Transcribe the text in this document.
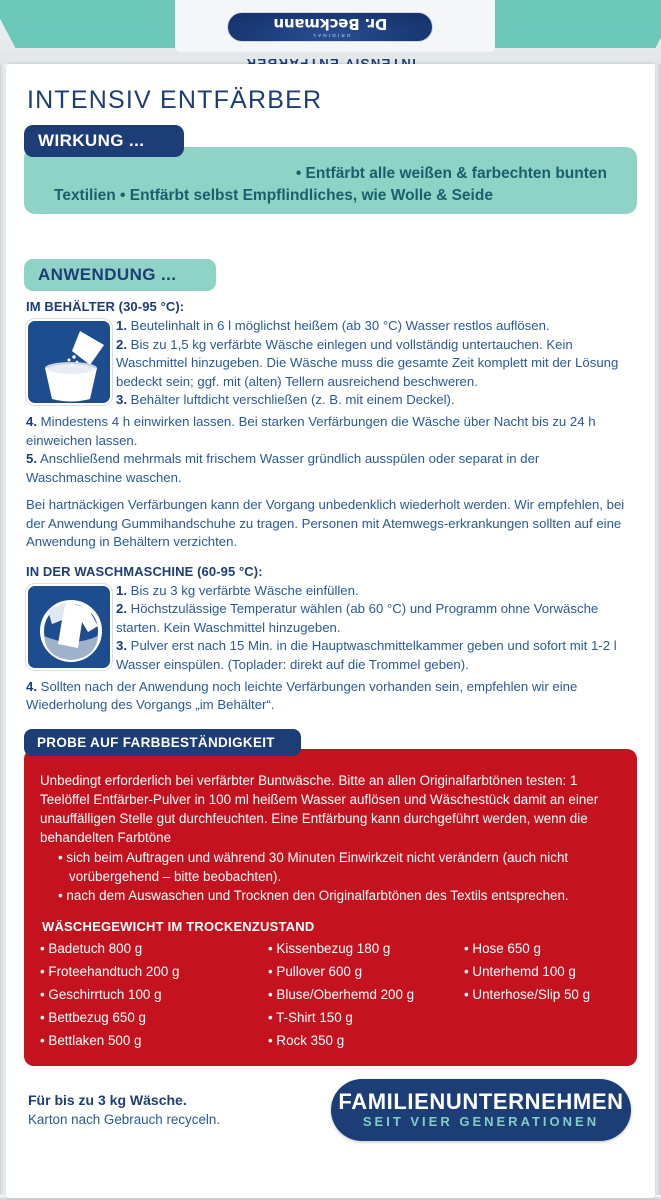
ORIGINAL
Dr. Beckmann
INTENSIV ENTFÄRBER
• Entfärbt alle weißen & farbechten bunten
Textilien • Entfärbt selbst Empflindliches, wie Wolle & Seide
WIRKUNG ...
ANWENDUNG ...
IM BEHÄLTER (30-95 °C):
1. Beutelinhalt in 6 l möglichst heißem (ab 30 °C) Wasser restlos auflösen.
2. Bis zu 1,5 kg verfärbte Wäsche einlegen und vollständig untertauchen. Kein Waschmittel hinzugeben. Die Wäsche muss die gesamte Zeit komplett mit der Lösung bedeckt sein; ggf. mit (alten) Tellern ausreichend beschweren.
3. Behälter luftdicht verschließen (z. B. mit einem Deckel).
4. Mindestens 4 h einwirken lassen. Bei starken Verfärbungen die Wäsche über Nacht bis zu 24 h einweichen lassen.
5. Anschließend mehrmals mit frischem Wasser gründlich ausspülen oder separat in der Waschmaschine waschen.
Bei hartnäckigen Verfärbungen kann der Vorgang unbedenklich wiederholt werden. Wir empfehlen, bei der Anwendung Gummihandschuhe zu tragen. Personen mit Atemwegs-erkrankungen sollten auf eine Anwendung in Behältern verzichten.
IN DER WASCHMASCHINE (60-95 °C):
1. Bis zu 3 kg verfärbte Wäsche einfüllen.
2. Höchstzulässige Temperatur wählen (ab 60 °C) und Programm ohne Vorwäsche starten. Kein Waschmittel hinzugeben.
3. Pulver erst nach 15 Min. in die Hauptwaschmittelkammer geben und sofort mit 1-2 l Wasser einspülen. (Toplader: direkt auf die Trommel geben).
4. Sollten nach der Anwendung noch leichte Verfärbungen vorhanden sein, empfehlen wir eine Wiederholung des Vorgangs „im Behälter“.
Unbedingt erforderlich bei verfärbter Buntwäsche. Bitte an allen Originalfarbtönen testen: 1 Teelöffel Entfärber-Pulver in 100 ml heißem Wasser auflösen und Wäschestück damit an einer unauffälligen Stelle gut durchfeuchten. Eine Entfärbung kann durchgeführt werden, wenn die behandelten Farbtöne
• sich beim Auftragen und während 30 Minuten Einwirkzeit nicht verändern (auch nicht vorübergehend – bitte beobachten).
• nach dem Auswaschen und Trocknen den Originalfarbtönen des Textils entsprechen.
WÄSCHEGEWICHT IM TROCKENZUSTAND
• Badetuch 800 g
• Froteehandtuch 200 g
• Geschirrtuch 100 g
• Bettbezug 650 g
• Bettlaken 500 g
• Kissenbezug 180 g
• Pullover 600 g
• Bluse/Oberhemd 200 g
• T-Shirt 150 g
• Rock 350 g
• Hose 650 g
• Unterhemd 100 g
• Unterhose/Slip 50 g
PROBE AUF FARBBESTÄNDIGKEIT
Für bis zu 3 kg Wäsche.
Karton nach Gebrauch recyceln.
FAMILIENUNTERNEHMEN
SEIT VIER GENERATIONEN
